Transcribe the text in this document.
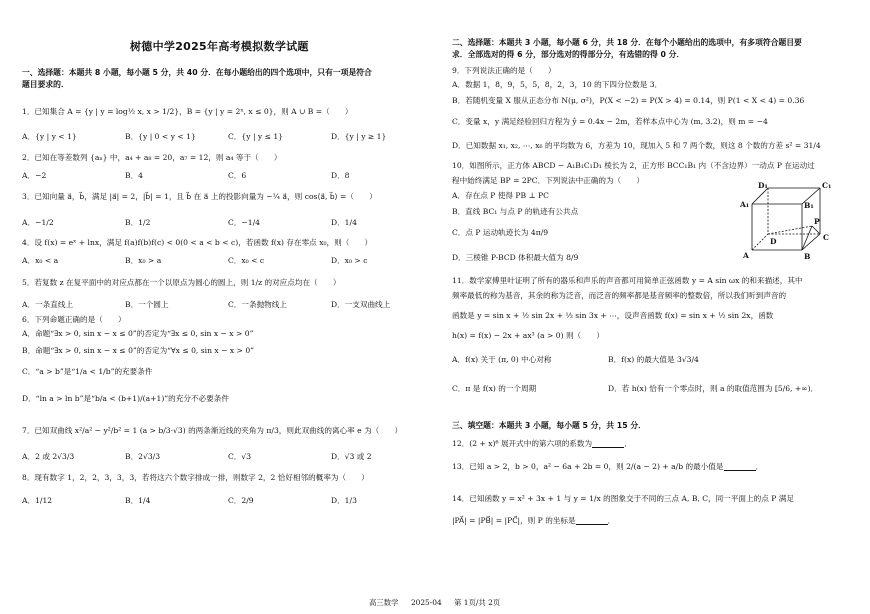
树德中学2025年高考模拟数学试题
一、选择题：本题共 8 小题，每小题 5 分，共 40 分．在每小题给出的四个选项中，只有一项是符合
题目要求的．
1．已知集合 A = {y | y = log½ x, x > 1/2}，B = {y | y = 2ˣ, x ≤ 0}，则 A ∪ B =（　　）
A．{y | y < 1}	B．{y | 0 < y < 1}	C．{y | y ≤ 1}	D．{y | y ≥ 1}
2．已知在等差数列 {aₙ} 中，a₄ + a₈ = 20，a₇ = 12，则 a₄ 等于（　　）
A．−2	B．4	C．6	D．8
3．已知向量 a⃗，b⃗，满足 |a⃗| = 2，|b⃗| = 1，且 b⃗ 在 a⃗ 上的投影向量为 −¼ a⃗，则 cos⟨a⃗, b⃗⟩ =（　　）
A．−1/2	B．1/2	C．−1/4	D．1/4
4．设 f(x) = eˣ + lnx，满足 f(a)f(b)f(c) < 0(0 < a < b < c)，若函数 f(x) 存在零点 x₀，则（　　）
A．x₀ < a	B．x₀ > a	C．x₀ < c	D．x₀ > c
5．若复数 z 在复平面中的对应点都在一个以原点为圆心的圆上，则 1/z 的对应点均在（　　）
A．一条直线上	B．一个圆上	C．一条抛物线上	D．一支双曲线上
6．下列命题正确的是（　　）
A．命题“∃x > 0, sin x − x ≤ 0”的否定为“∃x ≤ 0, sin x − x > 0”
B．命题“∃x > 0, sin x − x ≤ 0”的否定为“∀x ≤ 0, sin x − x > 0”
C．“a > b”是“1/a < 1/b”的充要条件
D．“ln a > ln b”是“b/a < (b+1)/(a+1)”的充分不必要条件
7．已知双曲线 x²/a² − y²/b² = 1 (a > b/3·√3) 的两条渐近线的夹角为 π/3，则此双曲线的离心率 e 为（　　）
A．2 或 2√3/3	B．2√3/3	C．√3	D．√3 或 2
8．现有数字 1，2，2，3，3，3，若将这六个数字排成一排，则数字 2，2 恰好相邻的概率为（　　）
A．1/12	B．1/4	C．2/9	D．1/3
二、选择题：本题共 3 小题，每小题 6 分，共 18 分．在每个小题给出的选项中，有多项符合题目要
求．全部选对的得 6 分，部分选对的得部分分，有选错的得 0 分．
9．下列说法正确的是（　　）
A．数据 1，8，9，5，5，8，2，3，10 的下四分位数是 3．
B．若随机变量 X 服从正态分布 N(μ, σ²)，P(X < −2) = P(X > 4) = 0.14，则 P(1 < X < 4) = 0.36
C．变量 x，y 满足经验回归方程为 ŷ = 0.4x − 2m，若样本点中心为 (m, 3.2)，则 m = −4
D．已知数据 x₁, x₂, ⋯, x₆ 的平均数为 6，方差为 10，现加入 5 和 7 两个数，则这 8 个数的方差 s² = 31/4
10．如图所示，正方体 ABCD − A₁B₁C₁D₁ 棱长为 2，正方形 BCC₁B₁ 内（不含边界）一动点 P 在运动过
程中始终满足 BP = 2PC．下列说法中正确的为（　　）
A．存在点 P 使得 PB ⊥ PC
B．直线 BC₁ 与点 P 的轨迹有公共点
C．点 P 运动轨迹长为 4π/9
D．三棱锥 P-BCD 体积最大值为 8/9
D₁	C₁
A₁	B₁
P
D	C
A	B
11．数学家傅里叶证明了所有的器乐和声乐的声音都可用简单正弦函数 y = A sin ωx 的和来描述，其中
频率最低的称为基音，其余的称为泛音，而泛音的频率都是基音频率的整数倍，所以我们听到声音的
函数是 y = sin x + ½ sin 2x + ⅓ sin 3x + ⋯，设声音函数 f(x) = sin x + ½ sin 2x，函数
h(x) = f(x) − 2x + ax³ (a > 0) 则（　　）
A．f(x) 关于 (π, 0) 中心对称	B．f(x) 的最大值是 3√3/4
C．π 是 f(x) 的一个周期	D．若 h(x) 恰有一个零点时，则 a 的取值范围为 [5/6, +∞)．
三、填空题：本题共 3 小题，每小题 5 分，共 15 分．
12．(2 + x)⁶ 展开式中的第六项的系数为	．
13．已知 a > 2，b > 0，a² − 6a + 2b = 0，则 2/(a − 2) + a/b 的最小值是	．
14．已知函数 y = x² + 3x + 1 与 y = 1/x 的图象交于不同的三点 A, B, C，同一平面上的点 P 满足
|PA⃗| = |PB⃗| = |PC⃗|，则 P 的坐标是	．
高三数学 2025-04 第 1页/共 2页
